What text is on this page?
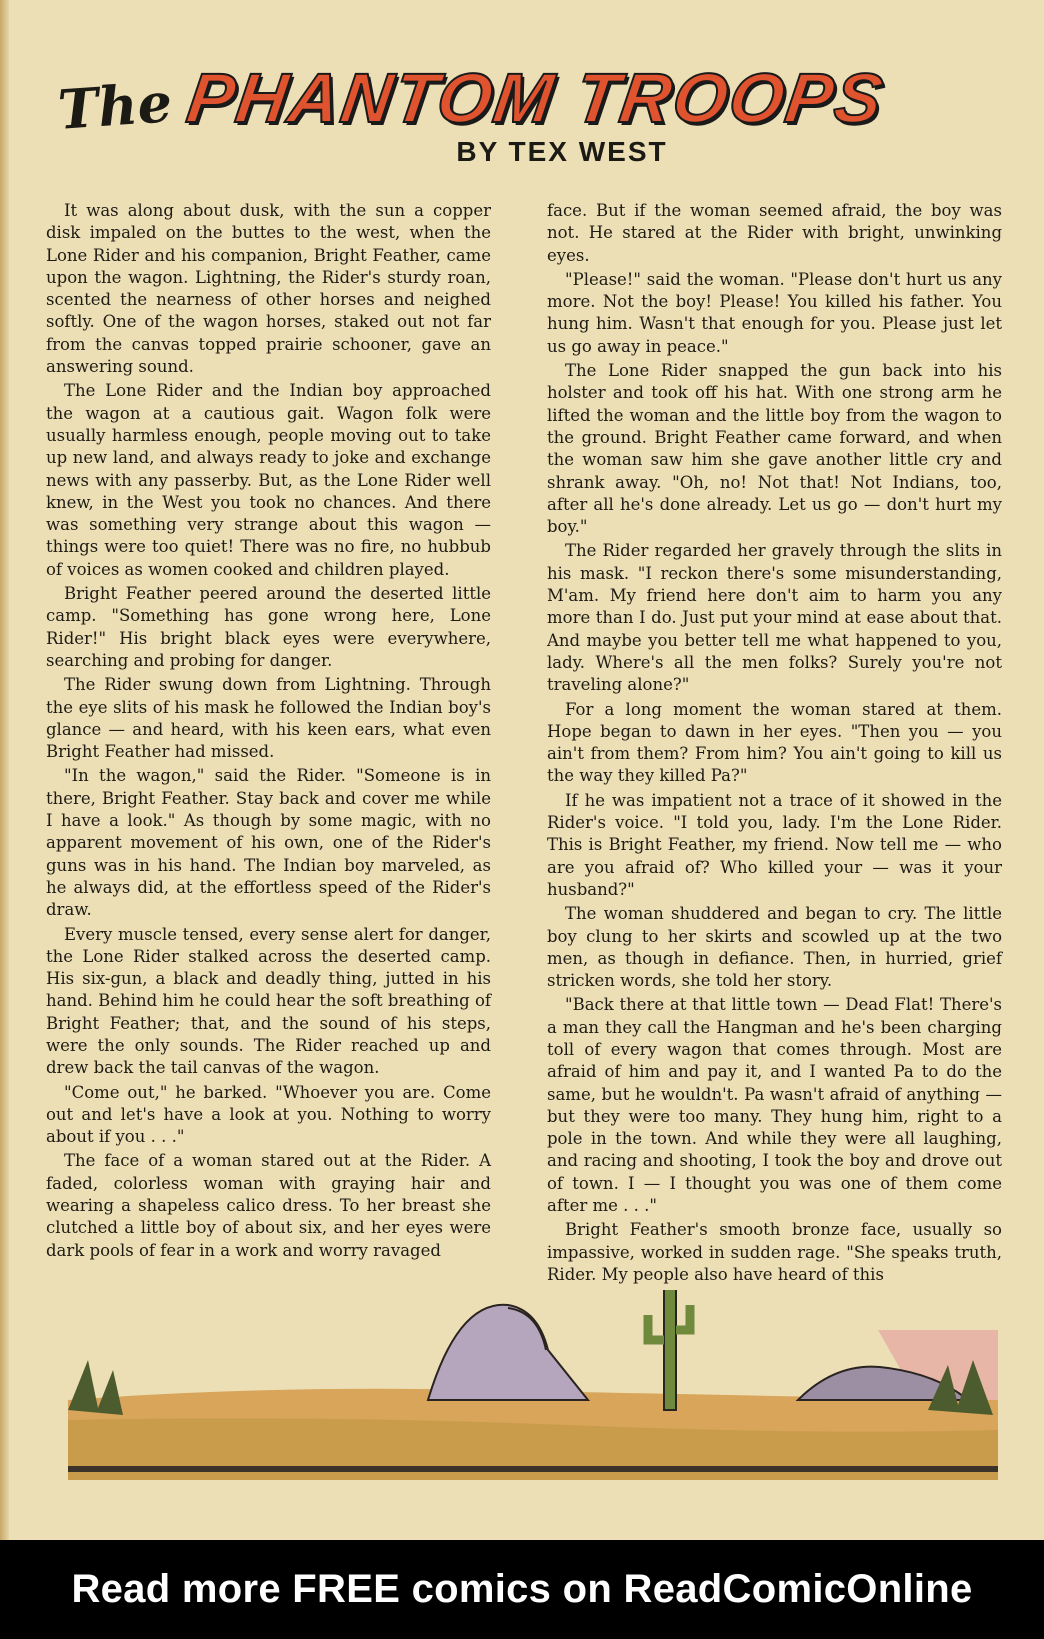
The PHANTOM TROOPS
BY TEX WEST

It was along about dusk, with the sun a copper disk impaled on the buttes to the west, when the Lone Rider and his companion, Bright Feather, came upon the wagon. Lightning, the Rider's sturdy roan, scented the nearness of other horses and neighed softly. One of the wagon horses, staked out not far from the canvas topped prairie schooner, gave an answering sound.

The Lone Rider and the Indian boy approached the wagon at a cautious gait. Wagon folk were usually harmless enough, people moving out to take up new land, and always ready to joke and exchange news with any passerby. But, as the Lone Rider well knew, in the West you took no chances. And there was something very strange about this wagon — things were too quiet! There was no fire, no hubbub of voices as women cooked and children played.

Bright Feather peered around the deserted little camp. "Something has gone wrong here, Lone Rider!" His bright black eyes were everywhere, searching and probing for danger.

The Rider swung down from Lightning. Through the eye slits of his mask he followed the Indian boy's glance — and heard, with his keen ears, what even Bright Feather had missed.

"In the wagon," said the Rider. "Someone is in there, Bright Feather. Stay back and cover me while I have a look." As though by some magic, with no apparent movement of his own, one of the Rider's guns was in his hand. The Indian boy marveled, as he always did, at the effortless speed of the Rider's draw.

Every muscle tensed, every sense alert for danger, the Lone Rider stalked across the deserted camp. His six-gun, a black and deadly thing, jutted in his hand. Behind him he could hear the soft breathing of Bright Feather; that, and the sound of his steps, were the only sounds. The Rider reached up and drew back the tail canvas of the wagon.

"Come out," he barked. "Whoever you are. Come out and let's have a look at you. Nothing to worry about if you . . ."

The face of a woman stared out at the Rider. A faded, colorless woman with graying hair and wearing a shapeless calico dress. To her breast she clutched a little boy of about six, and her eyes were dark pools of fear in a work and worry ravaged

face. But if the woman seemed afraid, the boy was not. He stared at the Rider with bright, unwinking eyes.

"Please!" said the woman. "Please don't hurt us any more. Not the boy! Please! You killed his father. You hung him. Wasn't that enough for you. Please just let us go away in peace."

The Lone Rider snapped the gun back into his holster and took off his hat. With one strong arm he lifted the woman and the little boy from the wagon to the ground. Bright Feather came forward, and when the woman saw him she gave another little cry and shrank away. "Oh, no! Not that! Not Indians, too, after all he's done already. Let us go — don't hurt my boy."

The Rider regarded her gravely through the slits in his mask. "I reckon there's some misunderstanding, M'am. My friend here don't aim to harm you any more than I do. Just put your mind at ease about that. And maybe you better tell me what happened to you, lady. Where's all the men folks? Surely you're not traveling alone?"

For a long moment the woman stared at them. Hope began to dawn in her eyes. "Then you — you ain't from them? From him? You ain't going to kill us the way they killed Pa?"

If he was impatient not a trace of it showed in the Rider's voice. "I told you, lady. I'm the Lone Rider. This is Bright Feather, my friend. Now tell me — who are you afraid of? Who killed your — was it your husband?"

The woman shuddered and began to cry. The little boy clung to her skirts and scowled up at the two men, as though in defiance. Then, in hurried, grief stricken words, she told her story.

"Back there at that little town — Dead Flat! There's a man they call the Hangman and he's been charging toll of every wagon that comes through. Most are afraid of him and pay it, and I wanted Pa to do the same, but he wouldn't. Pa wasn't afraid of anything — but they were too many. They hung him, right to a pole in the town. And while they were all laughing, and racing and shooting, I took the boy and drove out of town. I — I thought you was one of them come after me . . ."

Bright Feather's smooth bronze face, usually so impassive, worked in sudden rage. "She speaks truth, Rider. My people also have heard of this

Read more FREE comics on ReadComicOnline
